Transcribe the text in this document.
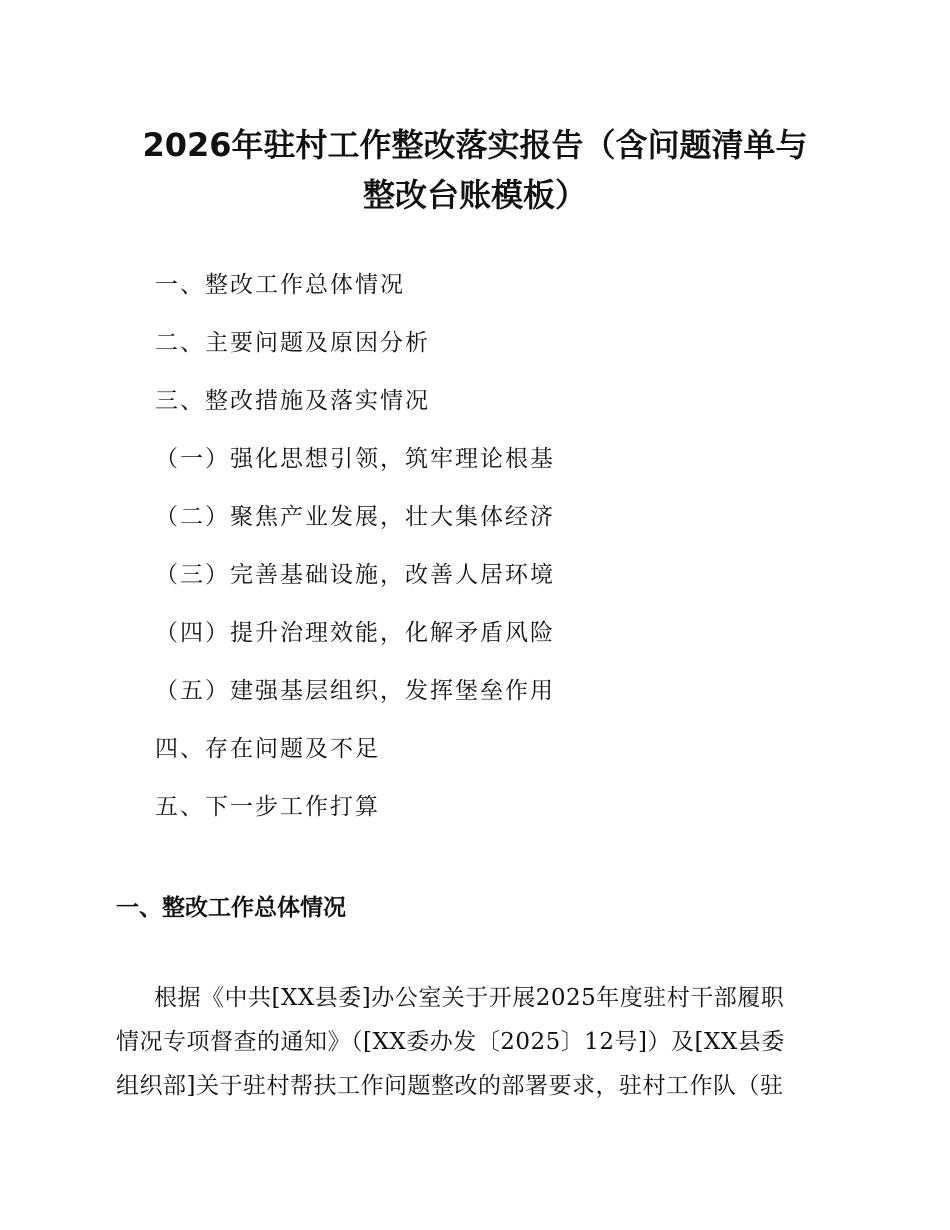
2026年驻村工作整改落实报告（含问题清单与
整改台账模板）
一、整改工作总体情况
二、主要问题及原因分析
三、整改措施及落实情况
（一）强化思想引领，筑牢理论根基
（二）聚焦产业发展，壮大集体经济
（三）完善基础设施，改善人居环境
（四）提升治理效能，化解矛盾风险
（五）建强基层组织，发挥堡垒作用
四、存在问题及不足
五、下一步工作打算
一、整改工作总体情况

根据《中共[XX县委]办公室关于开展2025年度驻村干部履职
情况专项督查的通知》（[XX委办发〔2025〕12号]）及[XX县委
组织部]关于驻村帮扶工作问题整改的部署要求，驻村工作队（驻
